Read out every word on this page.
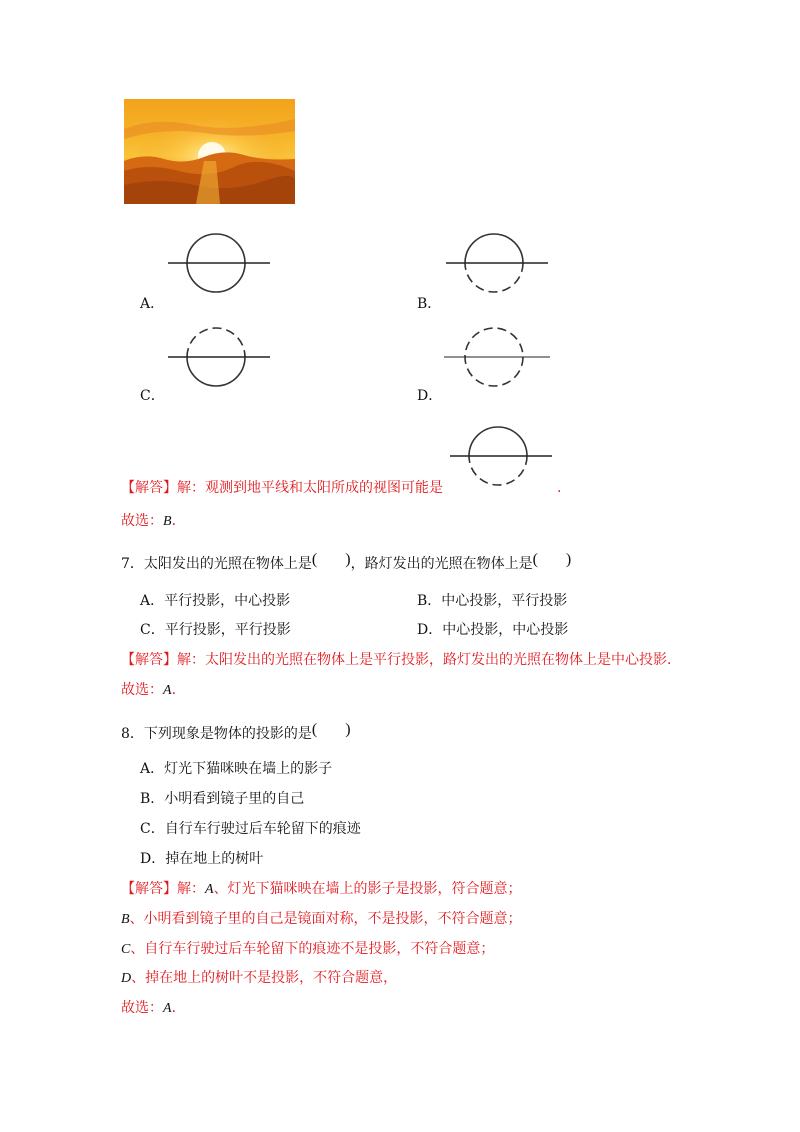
A．	B．
C．	D．
【解答】解：观测到地平线和太阳所成的视图可能是	.
故选：B．
7．太阳发出的光照在物体上是( )，路灯发出的光照在物体上是( )
A．平行投影，中心投影	B．中心投影，平行投影
C．平行投影，平行投影	D．中心投影，中心投影
【解答】解：太阳发出的光照在物体上是平行投影，路灯发出的光照在物体上是中心投影．
故选：A．
8．下列现象是物体的投影的是( )
A．灯光下猫咪映在墙上的影子
B．小明看到镜子里的自己
C．自行车行驶过后车轮留下的痕迹
D．掉在地上的树叶
【解答】解：A、灯光下猫咪映在墙上的影子是投影，符合题意；
B、小明看到镜子里的自己是镜面对称，不是投影，不符合题意；
C、自行车行驶过后车轮留下的痕迹不是投影，不符合题意；
D、掉在地上的树叶不是投影，不符合题意，
故选：A．
